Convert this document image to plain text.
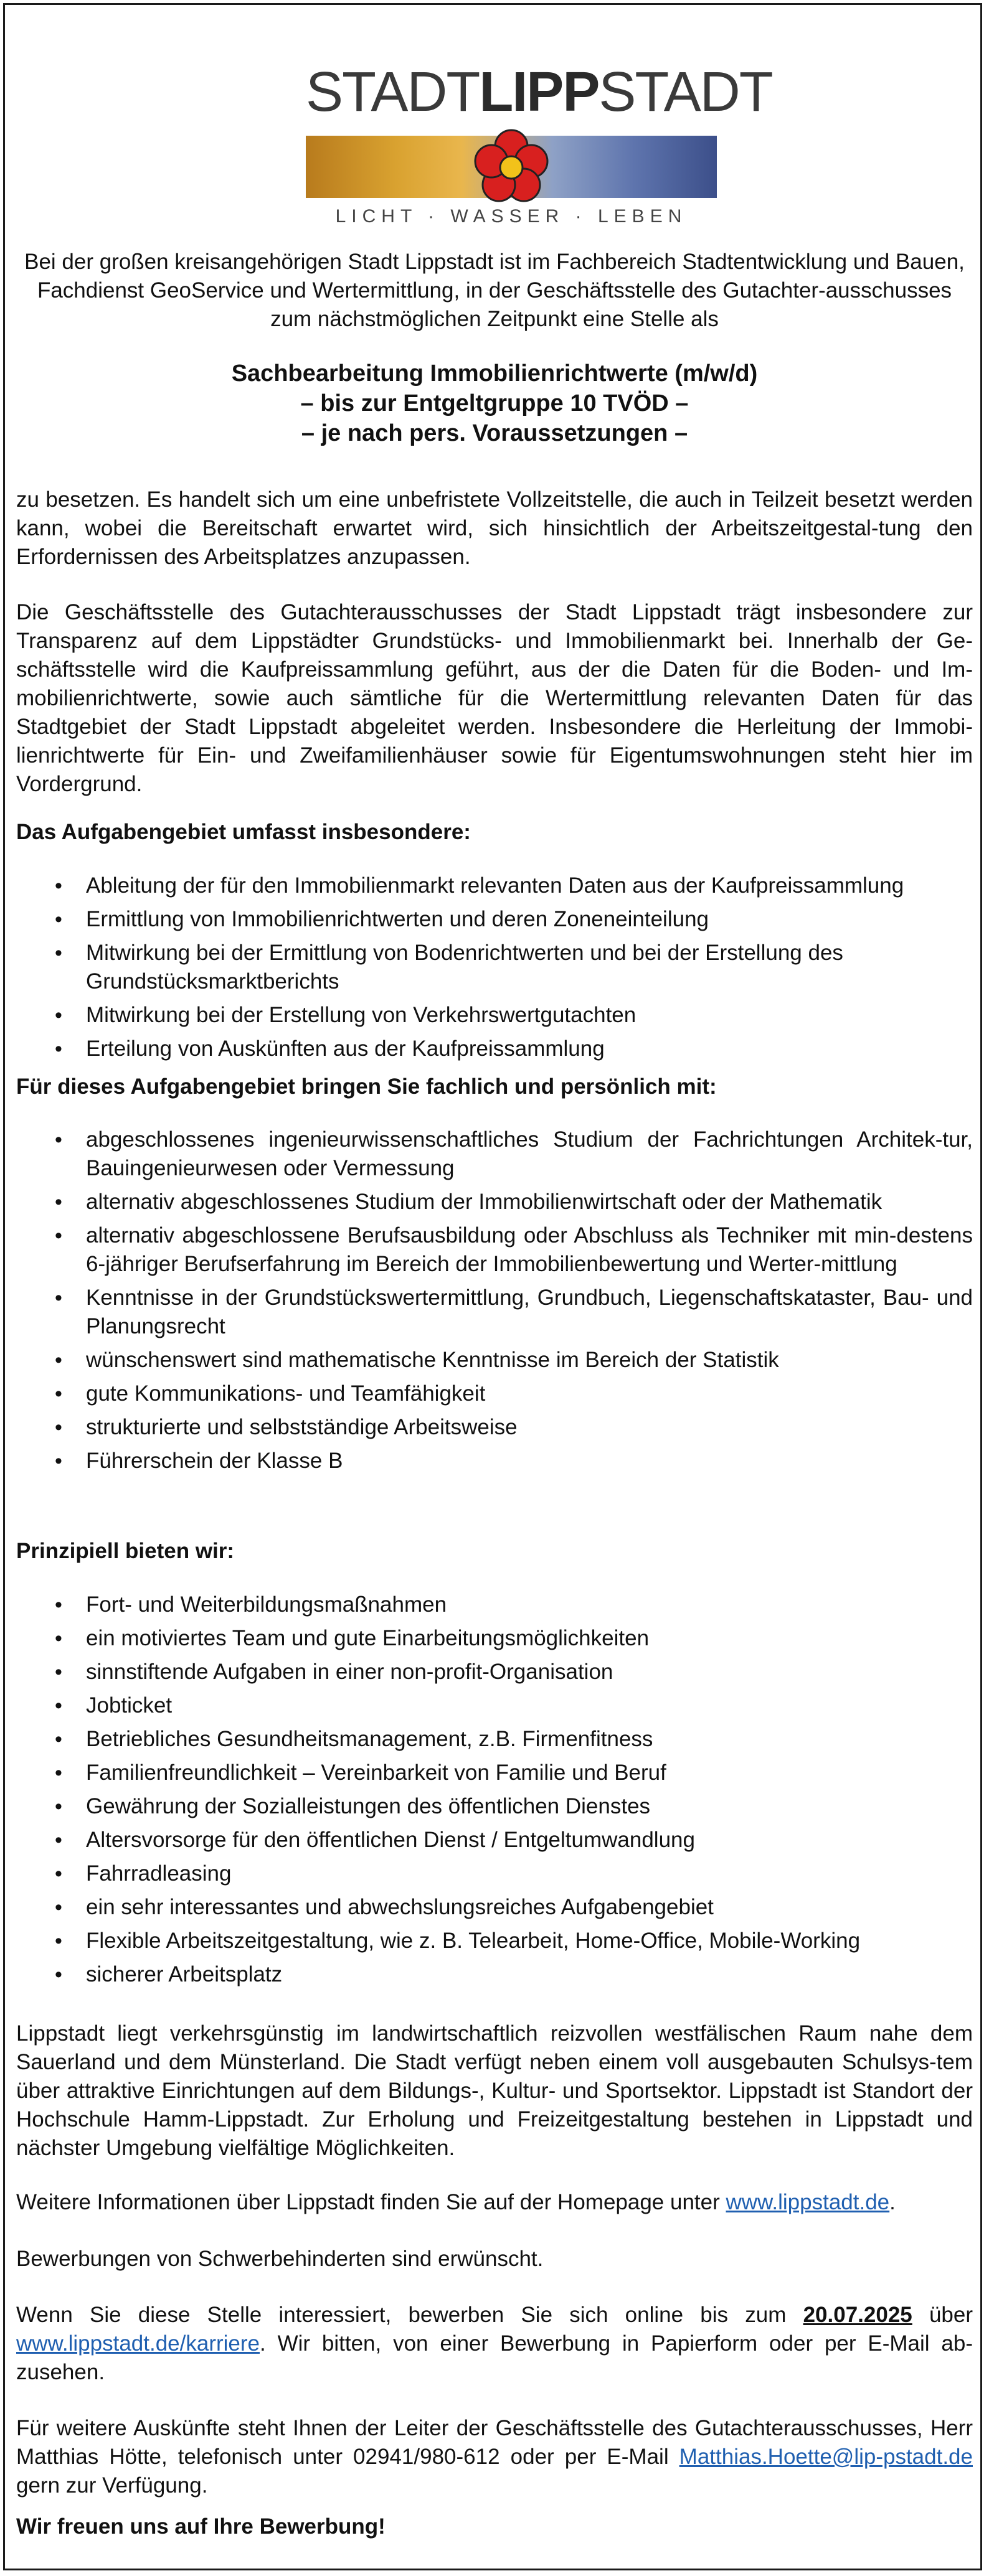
STADTLIPPSTADT
LICHT · WASSER · LEBEN

Bei der großen kreisangehörigen Stadt Lippstadt ist im Fachbereich Stadtentwicklung und Bauen, Fachdienst GeoService und Wertermittlung, in der Geschäftsstelle des Gutachter-ausschusses zum nächstmöglichen Zeitpunkt eine Stelle als

Sachbearbeitung Immobilienrichtwerte (m/w/d)
– bis zur Entgeltgruppe 10 TVÖD –
– je nach pers. Voraussetzungen –

zu besetzen. Es handelt sich um eine unbefristete Vollzeitstelle, die auch in Teilzeit besetzt werden kann, wobei die Bereitschaft erwartet wird, sich hinsichtlich der Arbeitszeitgestal-tung den Erfordernissen des Arbeitsplatzes anzupassen.

Die Geschäftsstelle des Gutachterausschusses der Stadt Lippstadt trägt insbesondere zur Transparenz auf dem Lippstädter Grundstücks- und Immobilienmarkt bei. Innerhalb der Ge-schäftsstelle wird die Kaufpreissammlung geführt, aus der die Daten für die Boden- und Im-mobilienrichtwerte, sowie auch sämtliche für die Wertermittlung relevanten Daten für das Stadtgebiet der Stadt Lippstadt abgeleitet werden. Insbesondere die Herleitung der Immobi-lienrichtwerte für Ein- und Zweifamilienhäuser sowie für Eigentumswohnungen steht hier im Vordergrund.

Das Aufgabengebiet umfasst insbesondere:
• Ableitung der für den Immobilienmarkt relevanten Daten aus der Kaufpreissammlung
• Ermittlung von Immobilienrichtwerten und deren Zoneneinteilung
• Mitwirkung bei der Ermittlung von Bodenrichtwerten und bei der Erstellung des Grundstücksmarktberichts
• Mitwirkung bei der Erstellung von Verkehrswertgutachten
• Erteilung von Auskünften aus der Kaufpreissammlung
Für dieses Aufgabengebiet bringen Sie fachlich und persönlich mit:
• abgeschlossenes ingenieurwissenschaftliches Studium der Fachrichtungen Architek-tur, Bauingenieurwesen oder Vermessung
• alternativ abgeschlossenes Studium der Immobilienwirtschaft oder der Mathematik
• alternativ abgeschlossene Berufsausbildung oder Abschluss als Techniker mit min-destens 6-jähriger Berufserfahrung im Bereich der Immobilienbewertung und Werter-mittlung
• Kenntnisse in der Grundstückswertermittlung, Grundbuch, Liegenschaftskataster, Bau- und Planungsrecht
• wünschenswert sind mathematische Kenntnisse im Bereich der Statistik
• gute Kommunikations- und Teamfähigkeit
• strukturierte und selbstständige Arbeitsweise
• Führerschein der Klasse B
Prinzipiell bieten wir:
• Fort- und Weiterbildungsmaßnahmen
• ein motiviertes Team und gute Einarbeitungsmöglichkeiten
• sinnstiftende Aufgaben in einer non-profit-Organisation
• Jobticket
• Betriebliches Gesundheitsmanagement, z.B. Firmenfitness
• Familienfreundlichkeit – Vereinbarkeit von Familie und Beruf
• Gewährung der Sozialleistungen des öffentlichen Dienstes
• Altersvorsorge für den öffentlichen Dienst / Entgeltumwandlung
• Fahrradleasing
• ein sehr interessantes und abwechslungsreiches Aufgabengebiet
• Flexible Arbeitszeitgestaltung, wie z. B. Telearbeit, Home-Office, Mobile-Working
• sicherer Arbeitsplatz

Lippstadt liegt verkehrsgünstig im landwirtschaftlich reizvollen westfälischen Raum nahe dem Sauerland und dem Münsterland. Die Stadt verfügt neben einem voll ausgebauten Schulsys-tem über attraktive Einrichtungen auf dem Bildungs-, Kultur- und Sportsektor. Lippstadt ist Standort der Hochschule Hamm-Lippstadt. Zur Erholung und Freizeitgestaltung bestehen in Lippstadt und nächster Umgebung vielfältige Möglichkeiten.

Weitere Informationen über Lippstadt finden Sie auf der Homepage unter www.lippstadt.de.

Bewerbungen von Schwerbehinderten sind erwünscht.

Wenn Sie diese Stelle interessiert, bewerben Sie sich online bis zum 20.07.2025 über www.lippstadt.de/karriere. Wir bitten, von einer Bewerbung in Papierform oder per E-Mail ab-zusehen.

Für weitere Auskünfte steht Ihnen der Leiter der Geschäftsstelle des Gutachterausschusses, Herr Matthias Hötte, telefonisch unter 02941/980-612 oder per E-Mail Matthias.Hoette@lip-pstadt.de gern zur Verfügung.

Wir freuen uns auf Ihre Bewerbung!
